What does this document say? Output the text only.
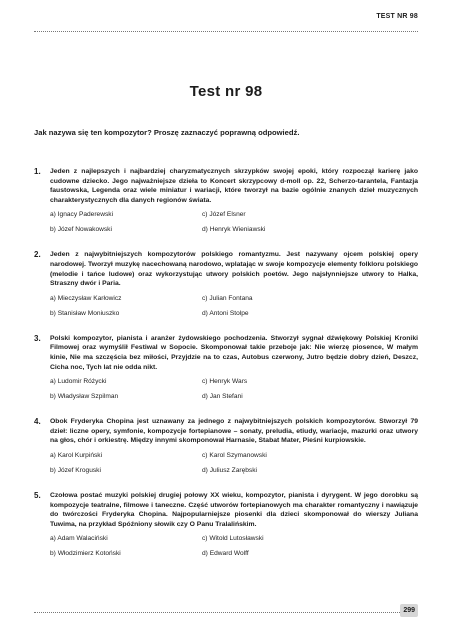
TEST NR 98
Test nr 98
Jak nazywa się ten kompozytor? Proszę zaznaczyć poprawną odpowiedź.
1. Jeden z najlepszych i najbardziej charyzmatycznych skrzypków swojej epoki, który rozpoczął karierę jako cudowne dziecko. Jego najważniejsze dzieła to Koncert skrzypcowy d-moll op. 22, Scherzo-tarantela, Fantazja faustowska, Legenda oraz wiele miniatur i wariacji, które tworzył na bazie ogólnie znanych dzieł muzycznych charakterystycznych dla danych regionów świata.
a) Ignacy Paderewski	c) Józef Elsner
b) Józef Nowakowski	d) Henryk Wieniawski
2. Jeden z najwybitniejszych kompozytorów polskiego romantyzmu. Jest nazywany ojcem polskiej opery narodowej. Tworzył muzykę nacechowaną narodowo, wplatając w swoje kompozycje elementy folkloru polskiego (melodie i tańce ludowe) oraz wykorzystując utwory polskich poetów. Jego najsłynniejsze utwory to Halka, Straszny dwór i Paria.
a) Mieczysław Karłowicz	c) Julian Fontana
b) Stanisław Moniuszko	d) Antoni Stolpe
3. Polski kompozytor, pianista i aranżer żydowskiego pochodzenia. Stworzył sygnał dźwiękowy Polskiej Kroniki Filmowej oraz wymyślił Festiwal w Sopocie. Skomponował takie przeboje jak: Nie wierzę piosence, W małym kinie, Nie ma szczęścia bez miłości, Przyjdzie na to czas, Autobus czerwony, Jutro będzie dobry dzień, Deszcz, Cicha noc, Tych lat nie odda nikt.
a) Ludomir Różycki	c) Henryk Wars
b) Władysław Szpilman	d) Jan Stefani
4. Obok Fryderyka Chopina jest uznawany za jednego z najwybitniejszych polskich kompozytorów. Stworzył 79 dzieł: liczne opery, symfonie, kompozycje fortepianowe – sonaty, preludia, etiudy, wariacje, mazurki oraz utwory na głos, chór i orkiestrę. Między innymi skomponował Harnasie, Stabat Mater, Pieśni kurpiowskie.
a) Karol Kurpiński	c) Karol Szymanowski
b) Józef Kroguski	d) Juliusz Zarębski
5. Czołowa postać muzyki polskiej drugiej połowy XX wieku, kompozytor, pianista i dyrygent. W jego dorobku są kompozycje teatralne, filmowe i taneczne. Część utworów fortepianowych ma charakter romantyczny i nawiązuje do twórczości Fryderyka Chopina. Najpopularniejsze piosenki dla dzieci skomponował do wierszy Juliana Tuwima, na przykład Spóźniony słowik czy O Panu Tralalińskim.
a) Adam Walaciński	c) Witold Lutosławski
b) Włodzimierz Kotoński	d) Edward Wolff
299
